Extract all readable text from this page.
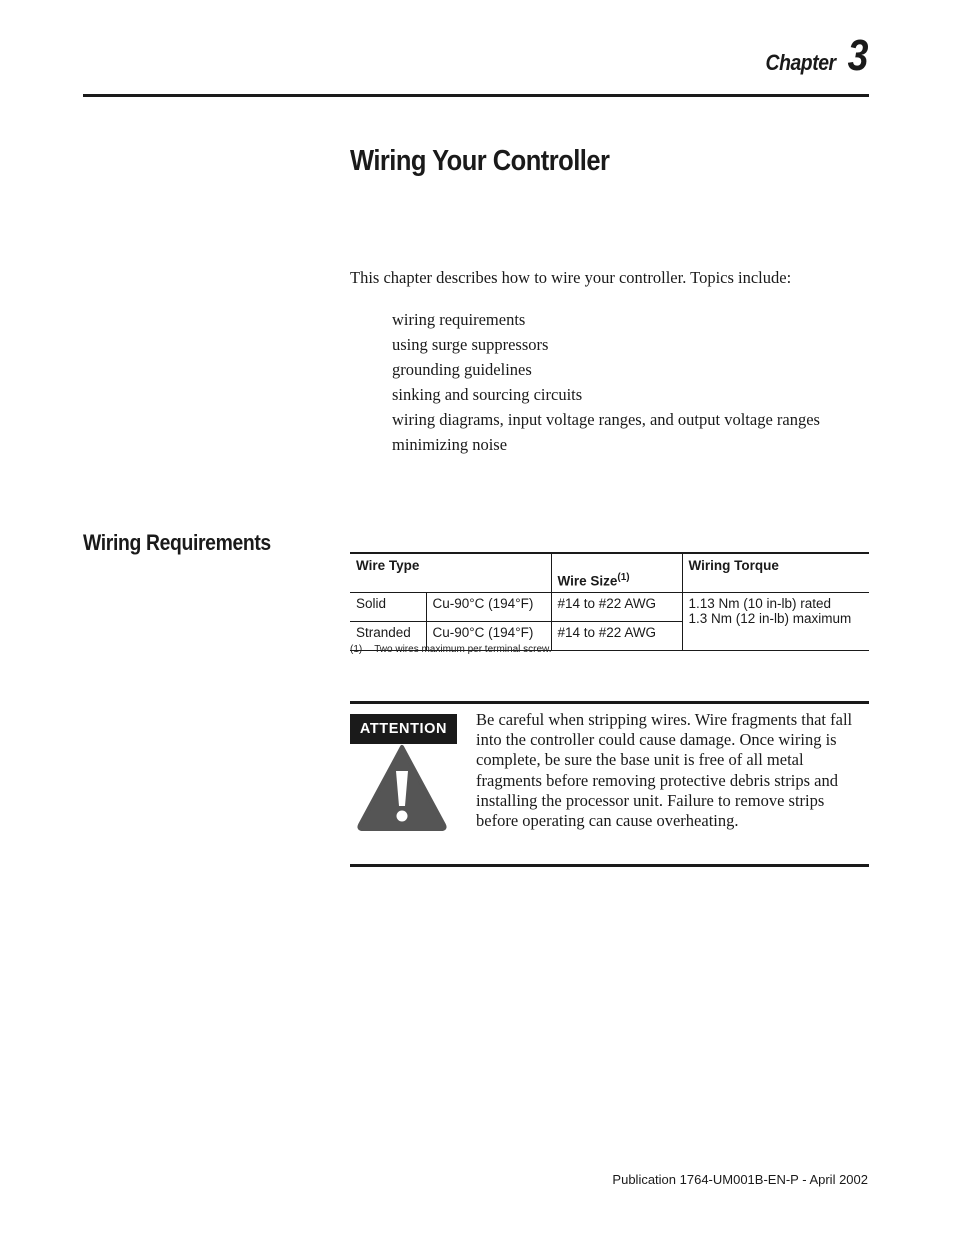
Chapter 3
Wiring Your Controller
This chapter describes how to wire your controller. Topics include:
wiring requirements
using surge suppressors
grounding guidelines
sinking and sourcing circuits
wiring diagrams, input voltage ranges, and output voltage ranges
minimizing noise
Wiring Requirements
Wire Type		Wire Size$^{(1)}$	Wiring Torque
Solid	Cu-90°C (194°F)	#14 to #22 AWG	1.13 Nm (10 in-lb) rated
1.3 Nm (12 in-lb) maximum

Stranded	Cu-90°C (194°F)	#14 to #22 AWG	
(1) Two wires maximum per terminal screw.
ATTENTION	Be careful when stripping wires. Wire fragments that fall into the controller could cause damage. Once wiring is complete, be sure the base unit is free of all metal fragments before removing protective debris strips and installing the processor unit. Failure to remove strips before operating can cause overheating.
Publication 1764-UM001B-EN-P - April 2002
